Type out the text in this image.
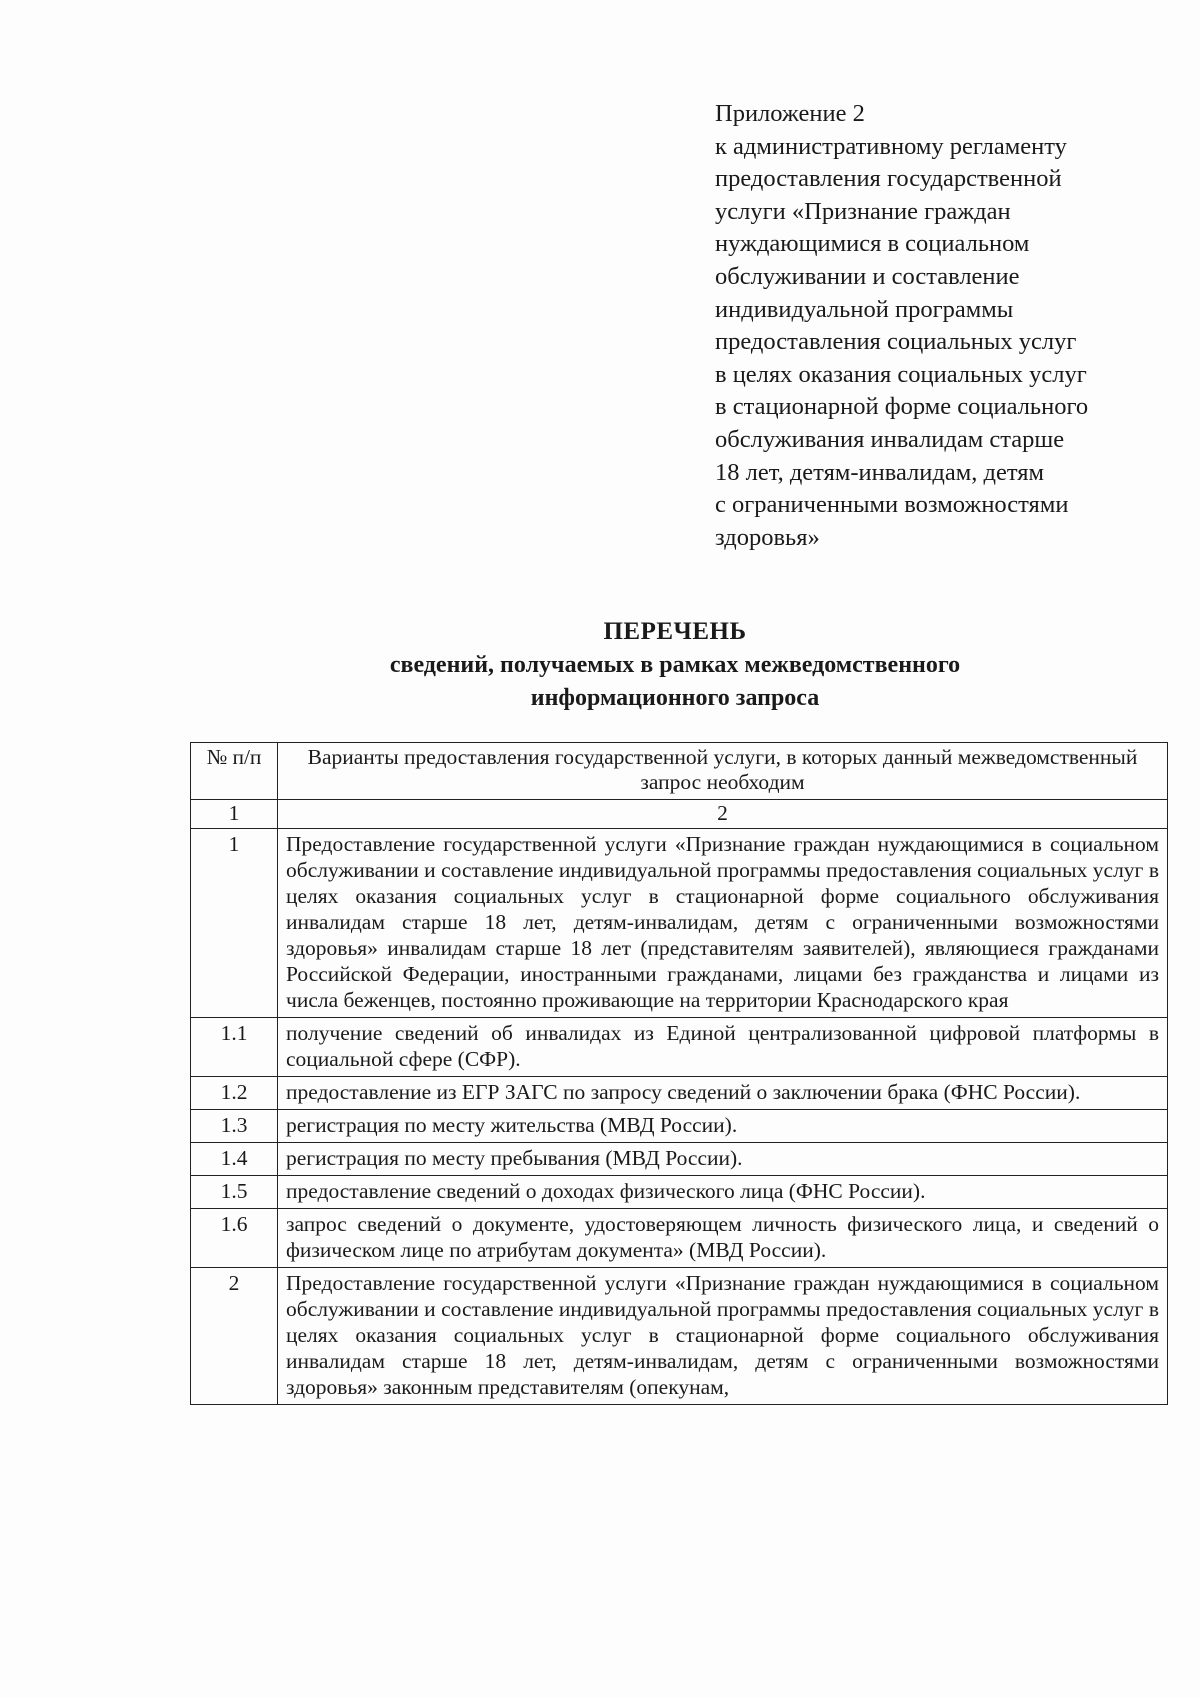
Приложение 2
к административному регламенту
предоставления государственной
услуги «Признание граждан
нуждающимися в социальном
обслуживании и составление
индивидуальной программы
предоставления социальных услуг
в целях оказания социальных услуг
в стационарной форме социального
обслуживания инвалидам старше
18 лет, детям-инвалидам, детям
с ограниченными возможностями
здоровья»
ПЕРЕЧЕНЬ
сведений, получаемых в рамках межведомственного
информационного запроса
№ п/п	Варианты предоставления государственной услуги, в которых данный межведомственный запрос необходим
1	2
1	Предоставление государственной услуги «Признание граждан нуждающимися в социальном обслуживании и составление индивидуальной программы предоставления социальных услуг в целях оказания социальных услуг в стационарной форме социального обслуживания инвалидам старше 18 лет, детям-инвалидам, детям с ограниченными возможностями здоровья» инвалидам старше 18 лет (представителям заявителей), являющиеся гражданами Российской Федерации, иностранными гражданами, лицами без гражданства и лицами из числа беженцев, постоянно проживающие на территории Краснодарского края
1.1	получение сведений об инвалидах из Единой централизованной цифровой платформы в социальной сфере (СФР).
1.2	предоставление из ЕГР ЗАГС по запросу сведений о заключении брака (ФНС России).
1.3	регистрация по месту жительства (МВД России).
1.4	регистрация по месту пребывания (МВД России).
1.5	предоставление сведений о доходах физического лица (ФНС России).
1.6	запрос сведений о документе, удостоверяющем личность физического лица, и сведений о физическом лице по атрибутам документа» (МВД России).
2	Предоставление государственной услуги «Признание граждан нуждающимися в социальном обслуживании и составление индивидуальной программы предоставления социальных услуг в целях оказания социальных услуг в стационарной форме социального обслуживания инвалидам старше 18 лет, детям-инвалидам, детям с ограниченными возможностями здоровья» законным представителям (опекунам,
